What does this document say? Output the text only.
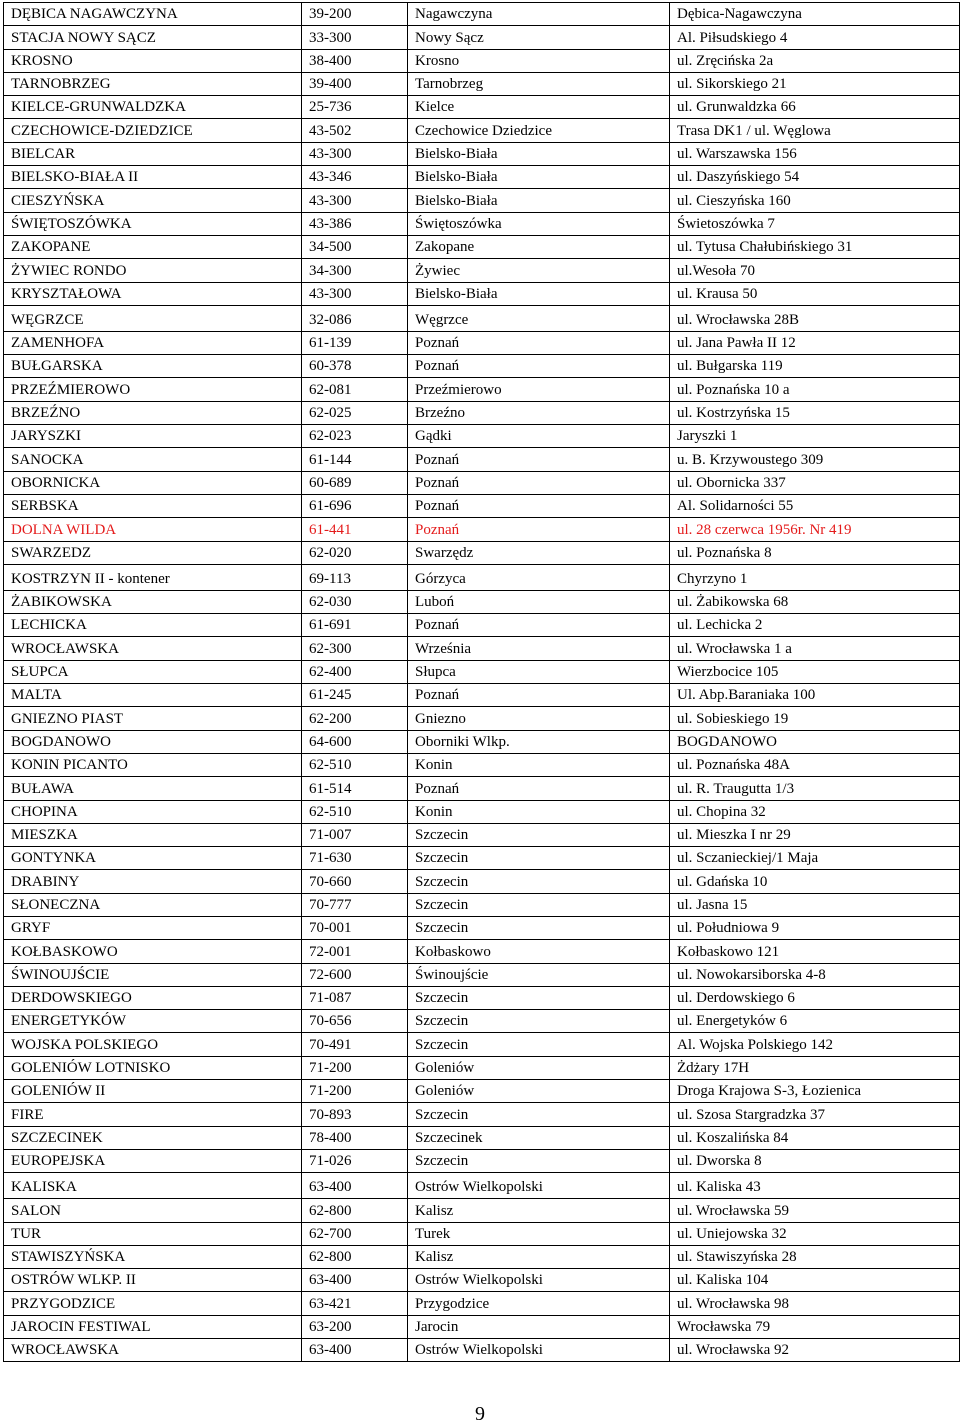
DĘBICA NAGAWCZYNA	39-200	Nagawczyna	Dębica-Nagawczyna
STACJA NOWY SĄCZ	33-300	Nowy Sącz	Al. Piłsudskiego 4
KROSNO	38-400	Krosno	ul. Zręcińska 2a
TARNOBRZEG	39-400	Tarnobrzeg	ul. Sikorskiego 21
KIELCE-GRUNWALDZKA	25-736	Kielce	ul. Grunwaldzka 66
CZECHOWICE-DZIEDZICE	43-502	Czechowice Dziedzice	Trasa DK1 / ul. Węglowa
BIELCAR	43-300	Bielsko-Biała	ul. Warszawska 156
BIELSKO-BIAŁA II	43-346	Bielsko-Biała	ul. Daszyńskiego 54
CIESZYŃSKA	43-300	Bielsko-Biała	ul. Cieszyńska 160
ŚWIĘTOSZÓWKA	43-386	Świętoszówka	Świetoszówka 7
ZAKOPANE	34-500	Zakopane	ul. Tytusa Chałubińskiego 31
ŻYWIEC RONDO	34-300	Żywiec	ul.Wesoła 70
KRYSZTAŁOWA	43-300	Bielsko-Biała	ul. Krausa 50
WĘGRZCE	32-086	Węgrzce	ul. Wrocławska 28B
ZAMENHOFA	61-139	Poznań	ul. Jana Pawła II 12
BUŁGARSKA	60-378	Poznań	ul. Bułgarska 119
PRZEŹMIEROWO	62-081	Przeźmierowo	ul. Poznańska 10 a
BRZEŹNO	62-025	Brzeźno	ul. Kostrzyńska 15
JARYSZKI	62-023	Gądki	Jaryszki 1
SANOCKA	61-144	Poznań	u. B. Krzywoustego 309
OBORNICKA	60-689	Poznań	ul. Obornicka 337
SERBSKA	61-696	Poznań	Al. Solidarności 55
DOLNA WILDA	61-441	Poznań	ul. 28 czerwca 1956r. Nr 419
SWARZEDZ	62-020	Swarzędz	ul. Poznańska 8
KOSTRZYN II - kontener	69-113	Górzyca	Chyrzyno 1
ŻABIKOWSKA	62-030	Luboń	ul. Żabikowska 68
LECHICKA	61-691	Poznań	ul. Lechicka 2
WROCŁAWSKA	62-300	Września	ul. Wrocławska 1 a
SŁUPCA	62-400	Słupca	Wierzbocice 105
MALTA	61-245	Poznań	Ul. Abp.Baraniaka 100
GNIEZNO PIAST	62-200	Gniezno	ul. Sobieskiego 19
BOGDANOWO	64-600	Oborniki Wlkp.	BOGDANOWO
KONIN PICANTO	62-510	Konin	ul. Poznańska 48A
BUŁAWA	61-514	Poznań	ul. R. Traugutta 1/3
CHOPINA	62-510	Konin	ul. Chopina 32
MIESZKA	71-007	Szczecin	ul. Mieszka I nr 29
GONTYNKA	71-630	Szczecin	ul. Sczanieckiej/1 Maja
DRABINY	70-660	Szczecin	ul. Gdańska 10
SŁONECZNA	70-777	Szczecin	ul. Jasna 15
GRYF	70-001	Szczecin	ul. Południowa 9
KOŁBASKOWO	72-001	Kołbaskowo	Kołbaskowo 121
ŚWINOUJŚCIE	72-600	Świnoujście	ul. Nowokarsiborska 4-8
DERDOWSKIEGO	71-087	Szczecin	ul. Derdowskiego 6
ENERGETYKÓW	70-656	Szczecin	ul. Energetyków 6
WOJSKA POLSKIEGO	70-491	Szczecin	Al. Wojska Polskiego 142
GOLENIÓW LOTNISKO	71-200	Goleniów	Żdżary 17H
GOLENIÓW II	71-200	Goleniów	Droga Krajowa S-3, Łozienica
FIRE	70-893	Szczecin	ul. Szosa Stargradzka 37
SZCZECINEK	78-400	Szczecinek	ul. Koszalińska 84
EUROPEJSKA	71-026	Szczecin	ul. Dworska 8
KALISKA	63-400	Ostrów Wielkopolski	ul. Kaliska 43
SALON	62-800	Kalisz	ul. Wrocławska 59
TUR	62-700	Turek	ul. Uniejowska 32
STAWISZYŃSKA	62-800	Kalisz	ul. Stawiszyńska 28
OSTRÓW WLKP. II	63-400	Ostrów Wielkopolski	ul. Kaliska 104
PRZYGODZICE	63-421	Przygodzice	ul. Wrocławska 98
JAROCIN FESTIWAL	63-200	Jarocin	Wrocławska 79
WROCŁAWSKA	63-400	Ostrów Wielkopolski	ul. Wrocławska 92
9
